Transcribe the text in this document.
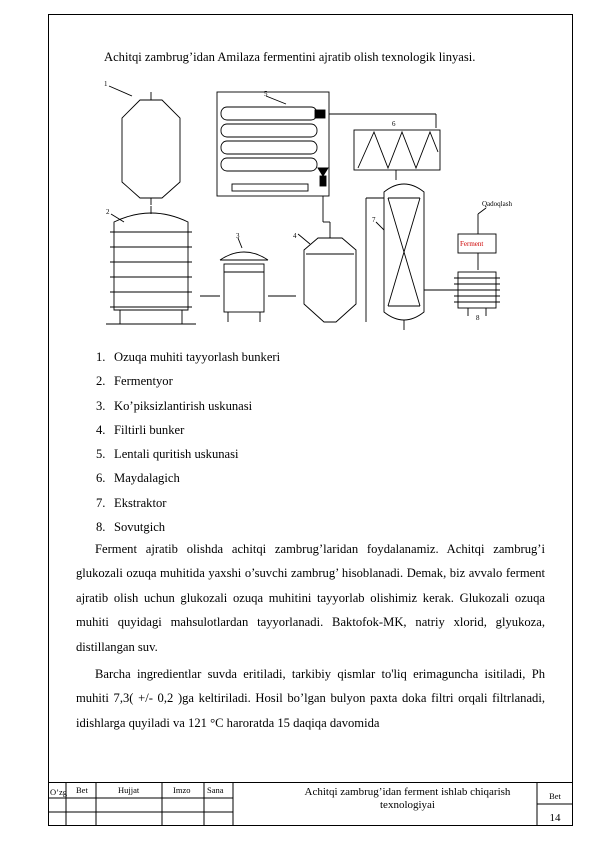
Achitqi zambrug’idan Amilaza fermentini ajratib olish texnologik linyasi.
1
2
3	4
5
6
7
Qadoqlash
Ferment
8
1. Ozuqa muhiti tayyorlash bunkeri
2. Fermentyor
3. Ko’piksizlantirish uskunasi
4. Filtirli bunker
5. Lentali quritish uskunasi
6. Maydalagich
7. Ekstraktor
8. Sovutgich

Ferment ajratib olishda achitqi zambrug’laridan foydalanamiz. Achitqi zambrug’i glukozali ozuqa muhitida yaxshi o’suvchi zambrug’ hisoblanadi. Demak, biz avvalo ferment ajratib olish uchun glukozali ozuqa muhitini tayyorlab olishimiz kerak. Glukozali ozuqa muhiti quyidagi mahsulotlardan tayyorlanadi. Baktofok-MK, natriy xlorid, glyukoza, distillangan suv.

Barcha ingredientlar suvda eritiladi, tarkibiy qismlar to'liq erimaguncha isitiladi, Ph muhiti 7,3( +/- 0,2 )ga keltiriladi. Hosil bo’lgan bulyon paxta doka filtri orqali filtrlanadi, idishlarga quyiladi va 121 °C haroratda 15 daqiqa davomida

O’zg Bet	Hujjat	Imzo Sana	Achitqi zambrug’idan ferment ishlab chiqarish texnologiyai
Bet
14
